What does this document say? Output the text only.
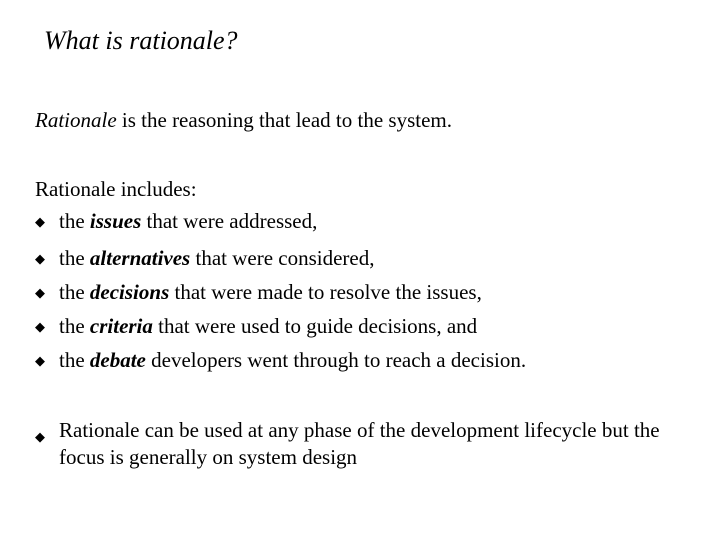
What is rationale?
Rationale is the reasoning that lead to the system.
Rationale includes:
◆ the issues that were addressed,
◆ the alternatives that were considered,
◆ the decisions that were made to resolve the issues,
◆ the criteria that were used to guide decisions, and
◆ the debate developers went through to reach a decision.
◆ Rationale can be used at any phase of the development lifecycle but the focus is generally on system design
